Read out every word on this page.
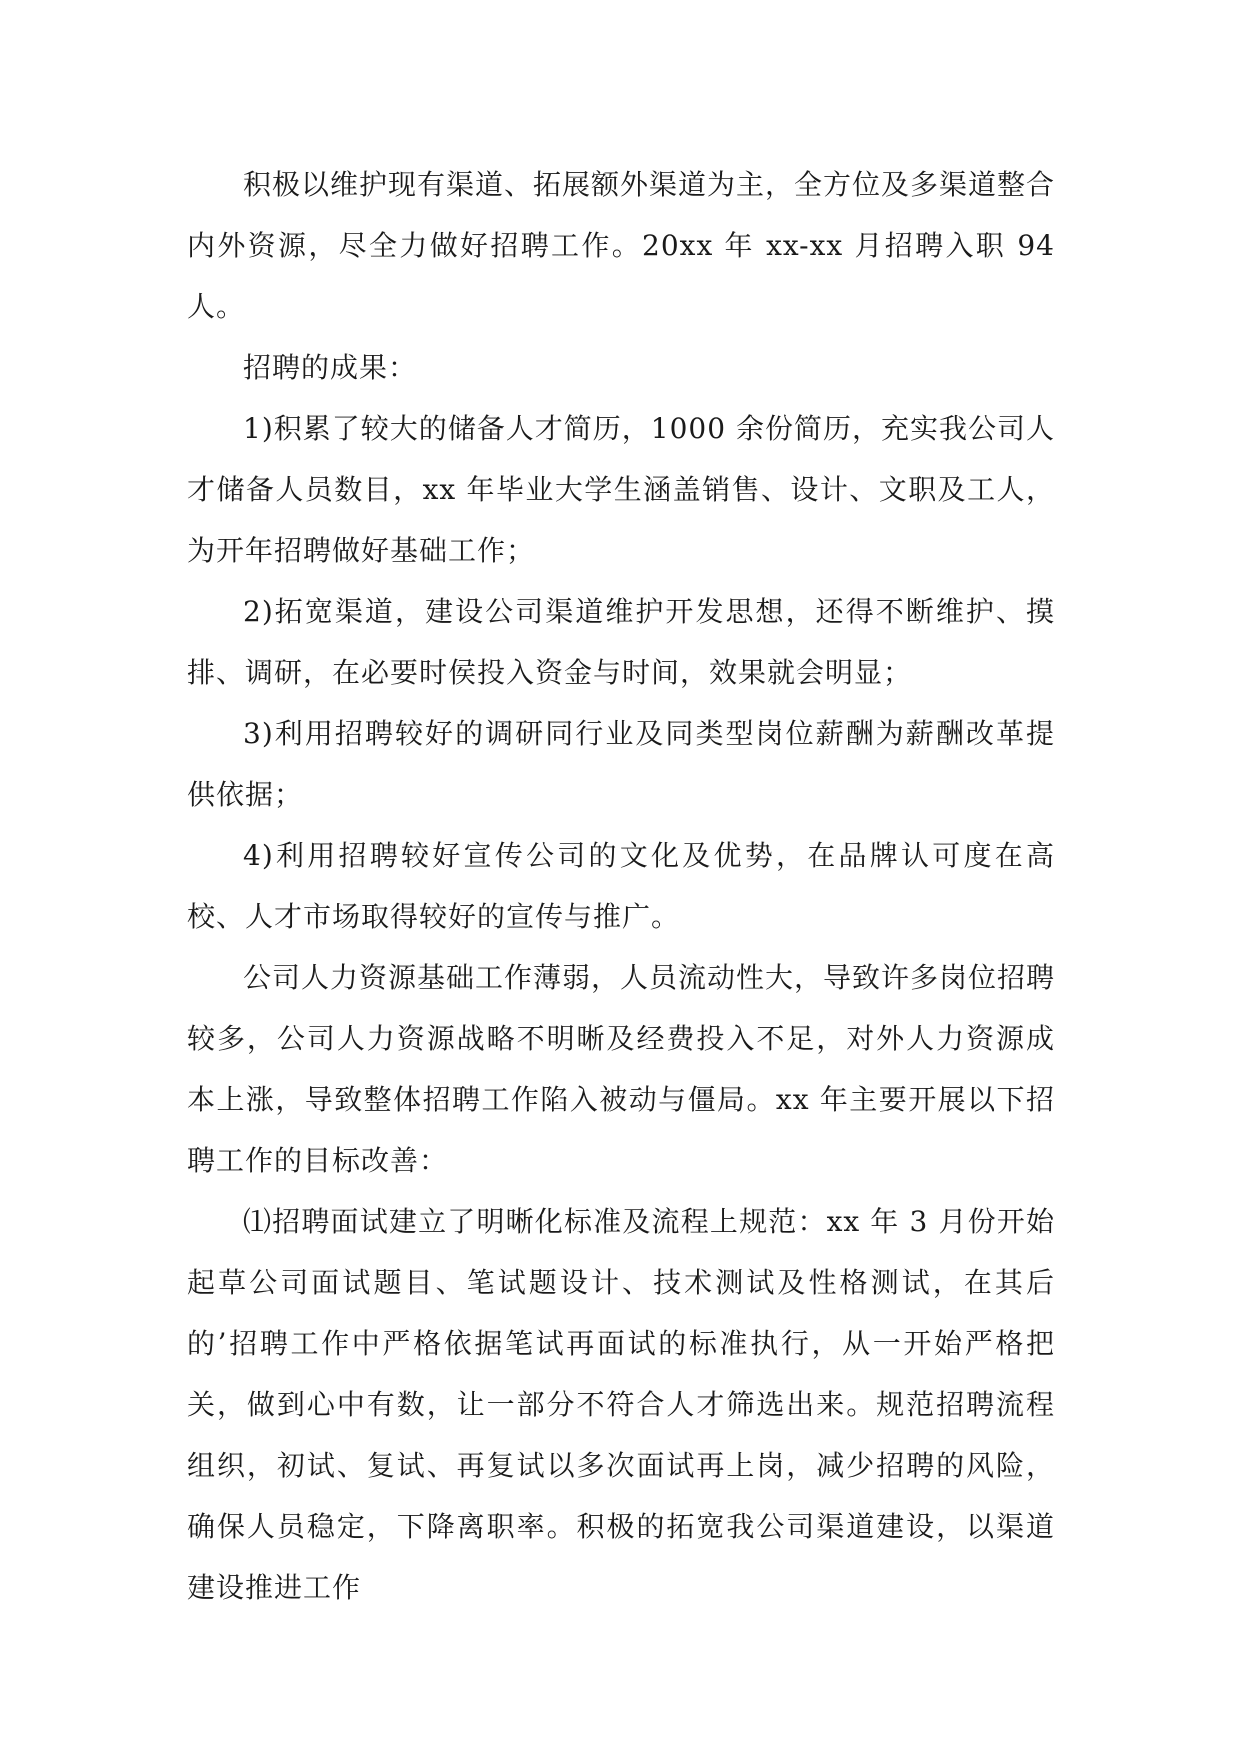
积极以维护现有渠道、拓展额外渠道为主，全方位及多渠道整合内外资源，尽全力做好招聘工作。20xx 年 xx-xx 月招聘入职 94 人。

招聘的成果：

1)积累了较大的储备人才简历，1000 余份简历，充实我公司人才储备人员数目，xx 年毕业大学生涵盖销售、设计、文职及工人，为开年招聘做好基础工作；

2)拓宽渠道，建设公司渠道维护开发思想，还得不断维护、摸排、调研，在必要时侯投入资金与时间，效果就会明显；

3)利用招聘较好的调研同行业及同类型岗位薪酬为薪酬改革提供依据；

4)利用招聘较好宣传公司的文化及优势，在品牌认可度在高校、人才市场取得较好的宣传与推广。

公司人力资源基础工作薄弱，人员流动性大，导致许多岗位招聘较多，公司人力资源战略不明晰及经费投入不足，对外人力资源成本上涨，导致整体招聘工作陷入被动与僵局。xx 年主要开展以下招聘工作的目标改善：

⑴招聘面试建立了明晰化标准及流程上规范：xx 年 3 月份开始起草公司面试题目、笔试题设计、技术测试及性格测试，在其后的’招聘工作中严格依据笔试再面试的标准执行，从一开始严格把关，做到心中有数，让一部分不符合人才筛选出来。规范招聘流程组织，初试、复试、再复试以多次面试再上岗，减少招聘的风险，确保人员稳定，下降离职率。积极的拓宽我公司渠道建设，以渠道建设推进工作
